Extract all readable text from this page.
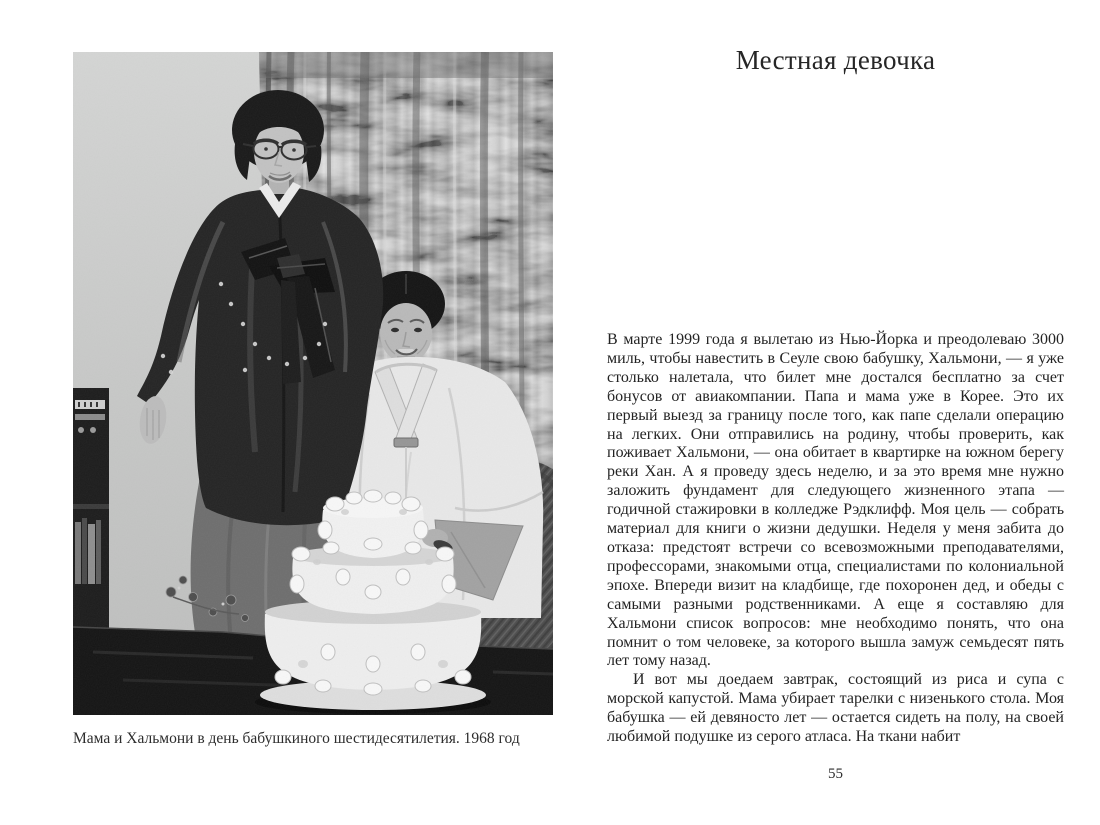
Мама и Хальмони в день бабушкиного шестидесятилетия. 1968 год
Местная девочка

В марте 1999 года я вылетаю из Нью-Йорка и преодолеваю 3000 миль, чтобы навестить в Сеуле свою бабушку, Хальмони, — я уже столько налетала, что билет мне достался бесплатно за счет бонусов от авиакомпании. Папа и мама уже в Корее. Это их первый выезд за границу после того, как папе сделали операцию на легких. Они отправились на родину, чтобы проверить, как поживает Хальмони, — она обитает в квартирке на южном берегу реки Хан. А я проведу здесь неделю, и за это время мне нужно заложить фундамент для следующего жизненного этапа — годичной стажировки в колледже Рэдклифф. Моя цель — собрать материал для книги о жизни дедушки. Неделя у меня забита до отказа: предстоят встречи со всевозможными преподавателями, профессорами, знакомыми отца, специалистами по колониальной эпохе. Впереди визит на кладбище, где похоронен дед, и обеды с самыми разными родственниками. А еще я составляю для Хальмони список вопросов: мне необходимо понять, что она помнит о том человеке, за которого вышла замуж семьдесят пять лет тому назад.

И вот мы доедаем завтрак, состоящий из риса и супа с морской капустой. Мама убирает тарелки с низенького стола. Моя бабушка — ей девяносто лет — остается сидеть на полу, на своей любимой подушке из серого атласа. На ткани набит

55
